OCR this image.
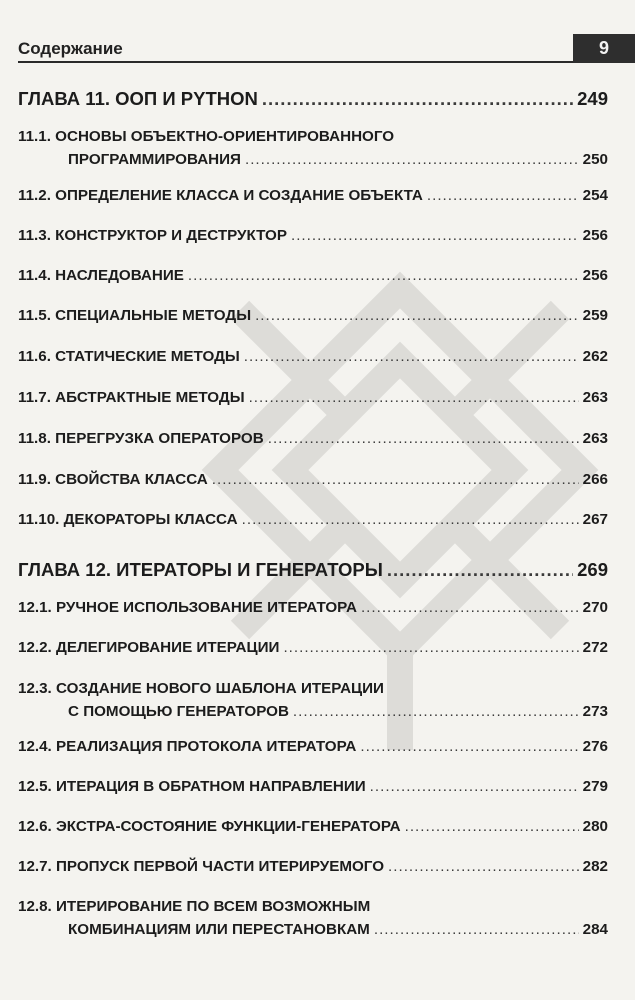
Содержание	9
ГЛАВА 11. ООП И PYTHON .....	249
11.1. ОСНОВЫ ОБЪЕКТНО-ОРИЕНТИРОВАННОГО
ПРОГРАММИРОВАНИЯ .....	250
11.2. ОПРЕДЕЛЕНИЕ КЛАССА И СОЗДАНИЕ ОБЪЕКТА .....	254
11.3. КОНСТРУКТОР И ДЕСТРУКТОР .....	256
11.4. НАСЛЕДОВАНИЕ .....	256
11.5. СПЕЦИАЛЬНЫЕ МЕТОДЫ .....	259
11.6. СТАТИЧЕСКИЕ МЕТОДЫ .....	262
11.7. АБСТРАКТНЫЕ МЕТОДЫ .....	263
11.8. ПЕРЕГРУЗКА ОПЕРАТОРОВ .....	263
11.9. СВОЙСТВА КЛАССА .....	266
11.10. ДЕКОРАТОРЫ КЛАССА .....	267
ГЛАВА 12. ИТЕРАТОРЫ И ГЕНЕРАТОРЫ .....	269
12.1. РУЧНОЕ ИСПОЛЬЗОВАНИЕ ИТЕРАТОРА .....	270
12.2. ДЕЛЕГИРОВАНИЕ ИТЕРАЦИИ .....	272
12.3. СОЗДАНИЕ НОВОГО ШАБЛОНА ИТЕРАЦИИ
С ПОМОЩЬЮ ГЕНЕРАТОРОВ .....	273
12.4. РЕАЛИЗАЦИЯ ПРОТОКОЛА ИТЕРАТОРА .....	276
12.5. ИТЕРАЦИЯ В ОБРАТНОМ НАПРАВЛЕНИИ .....	279
12.6. ЭКСТРА-СОСТОЯНИЕ ФУНКЦИИ-ГЕНЕРАТОРА .....	280
12.7. ПРОПУСК ПЕРВОЙ ЧАСТИ ИТЕРИРУЕМОГО .....	282
12.8. ИТЕРИРОВАНИЕ ПО ВСЕМ ВОЗМОЖНЫМ
КОМБИНАЦИЯМ ИЛИ ПЕРЕСТАНОВКАМ .....	284
